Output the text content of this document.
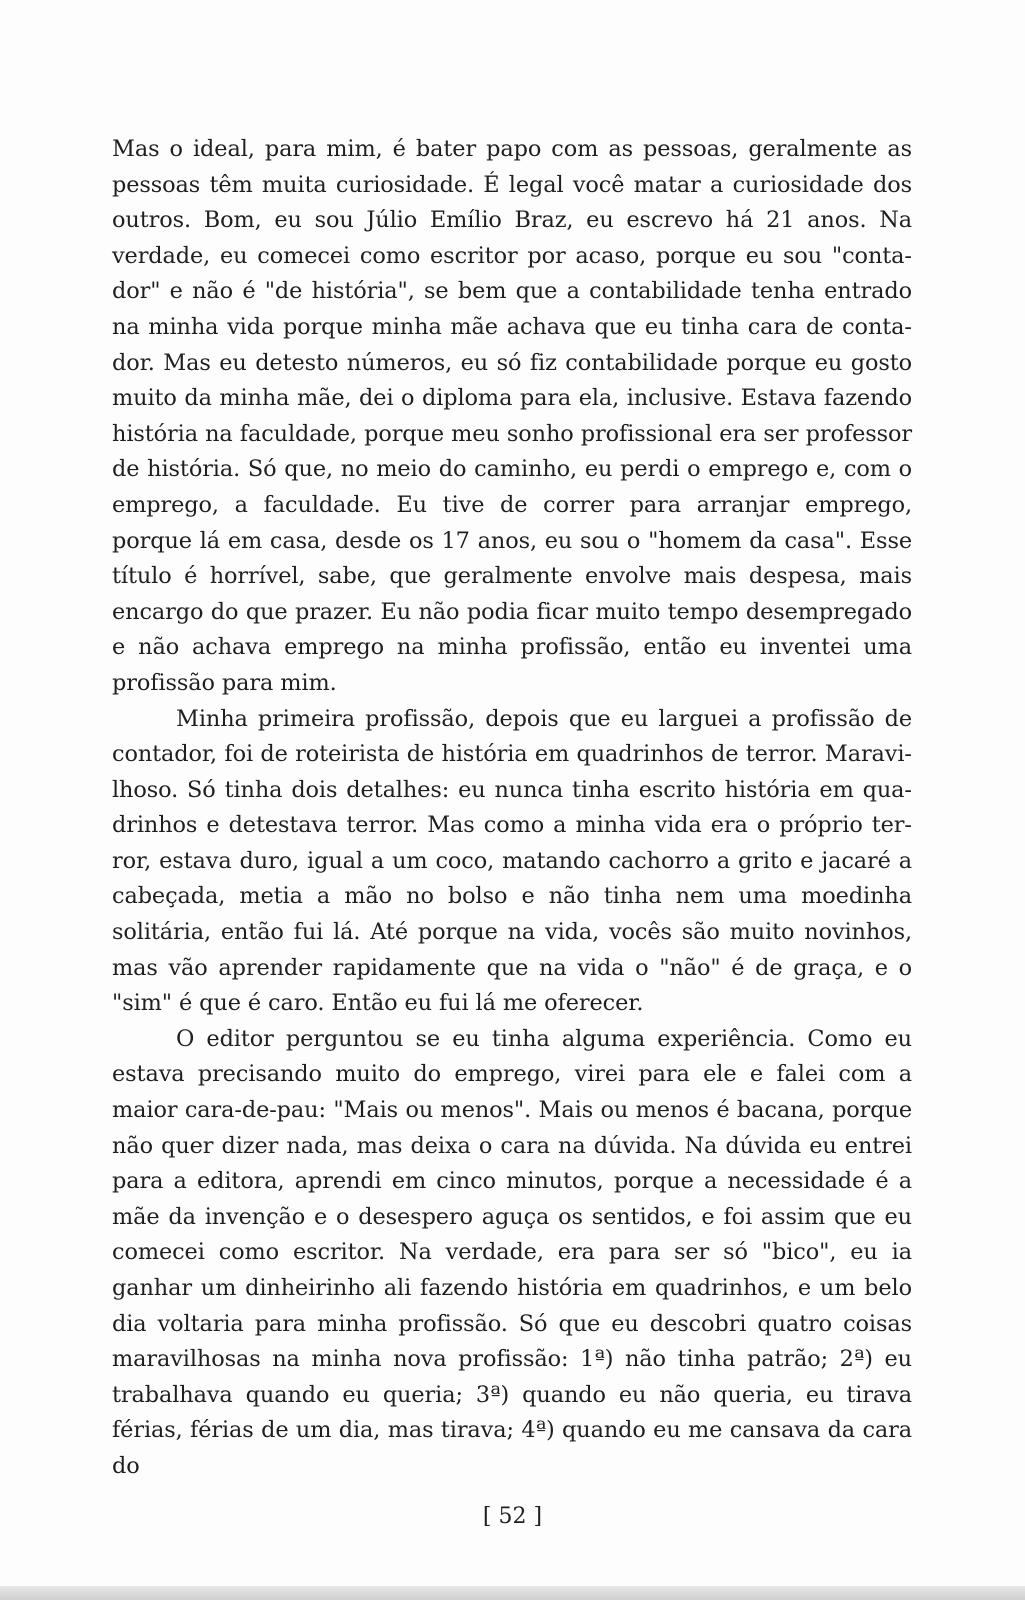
Mas o ideal, para mim, é bater papo com as pessoas, geralmente as pessoas têm muita curiosidade. É legal você matar a curiosidade dos outros. Bom, eu sou Júlio Emílio Braz, eu escrevo há 21 anos. Na verdade, eu comecei como escritor por acaso, porque eu sou "contador" e não é "de história", se bem que a contabilidade tenha entrado na minha vida porque minha mãe achava que eu tinha cara de contador. Mas eu detesto números, eu só fiz contabilidade porque eu gosto muito da minha mãe, dei o diploma para ela, inclusive. Estava fazendo história na faculdade, porque meu sonho profissional era ser professor de história. Só que, no meio do caminho, eu perdi o emprego e, com o emprego, a faculdade. Eu tive de correr para arranjar emprego, porque lá em casa, desde os 17 anos, eu sou o "homem da casa". Esse título é horrível, sabe, que geralmente envolve mais despesa, mais encargo do que prazer. Eu não podia ficar muito tempo desempregado e não achava emprego na minha profissão, então eu inventei uma profissão para mim.

Minha primeira profissão, depois que eu larguei a profissão de contador, foi de roteirista de história em quadrinhos de terror. Maravilhoso. Só tinha dois detalhes: eu nunca tinha escrito história em quadrinhos e detestava terror. Mas como a minha vida era o próprio terror, estava duro, igual a um coco, matando cachorro a grito e jacaré a cabeçada, metia a mão no bolso e não tinha nem uma moedinha solitária, então fui lá. Até porque na vida, vocês são muito novinhos, mas vão aprender rapidamente que na vida o "não" é de graça, e o "sim" é que é caro. Então eu fui lá me oferecer.

O editor perguntou se eu tinha alguma experiência. Como eu estava precisando muito do emprego, virei para ele e falei com a maior cara-de-pau: "Mais ou menos". Mais ou menos é bacana, porque não quer dizer nada, mas deixa o cara na dúvida. Na dúvida eu entrei para a editora, aprendi em cinco minutos, porque a necessidade é a mãe da invenção e o desespero aguça os sentidos, e foi assim que eu comecei como escritor. Na verdade, era para ser só "bico", eu ia ganhar um dinheirinho ali fazendo história em quadrinhos, e um belo dia voltaria para minha profissão. Só que eu descobri quatro coisas maravilhosas na minha nova profissão: 1ª) não tinha patrão; 2ª) eu trabalhava quando eu queria; 3ª) quando eu não queria, eu tirava férias, férias de um dia, mas tirava; 4ª) quando eu me cansava da cara do

[ 52 ]
